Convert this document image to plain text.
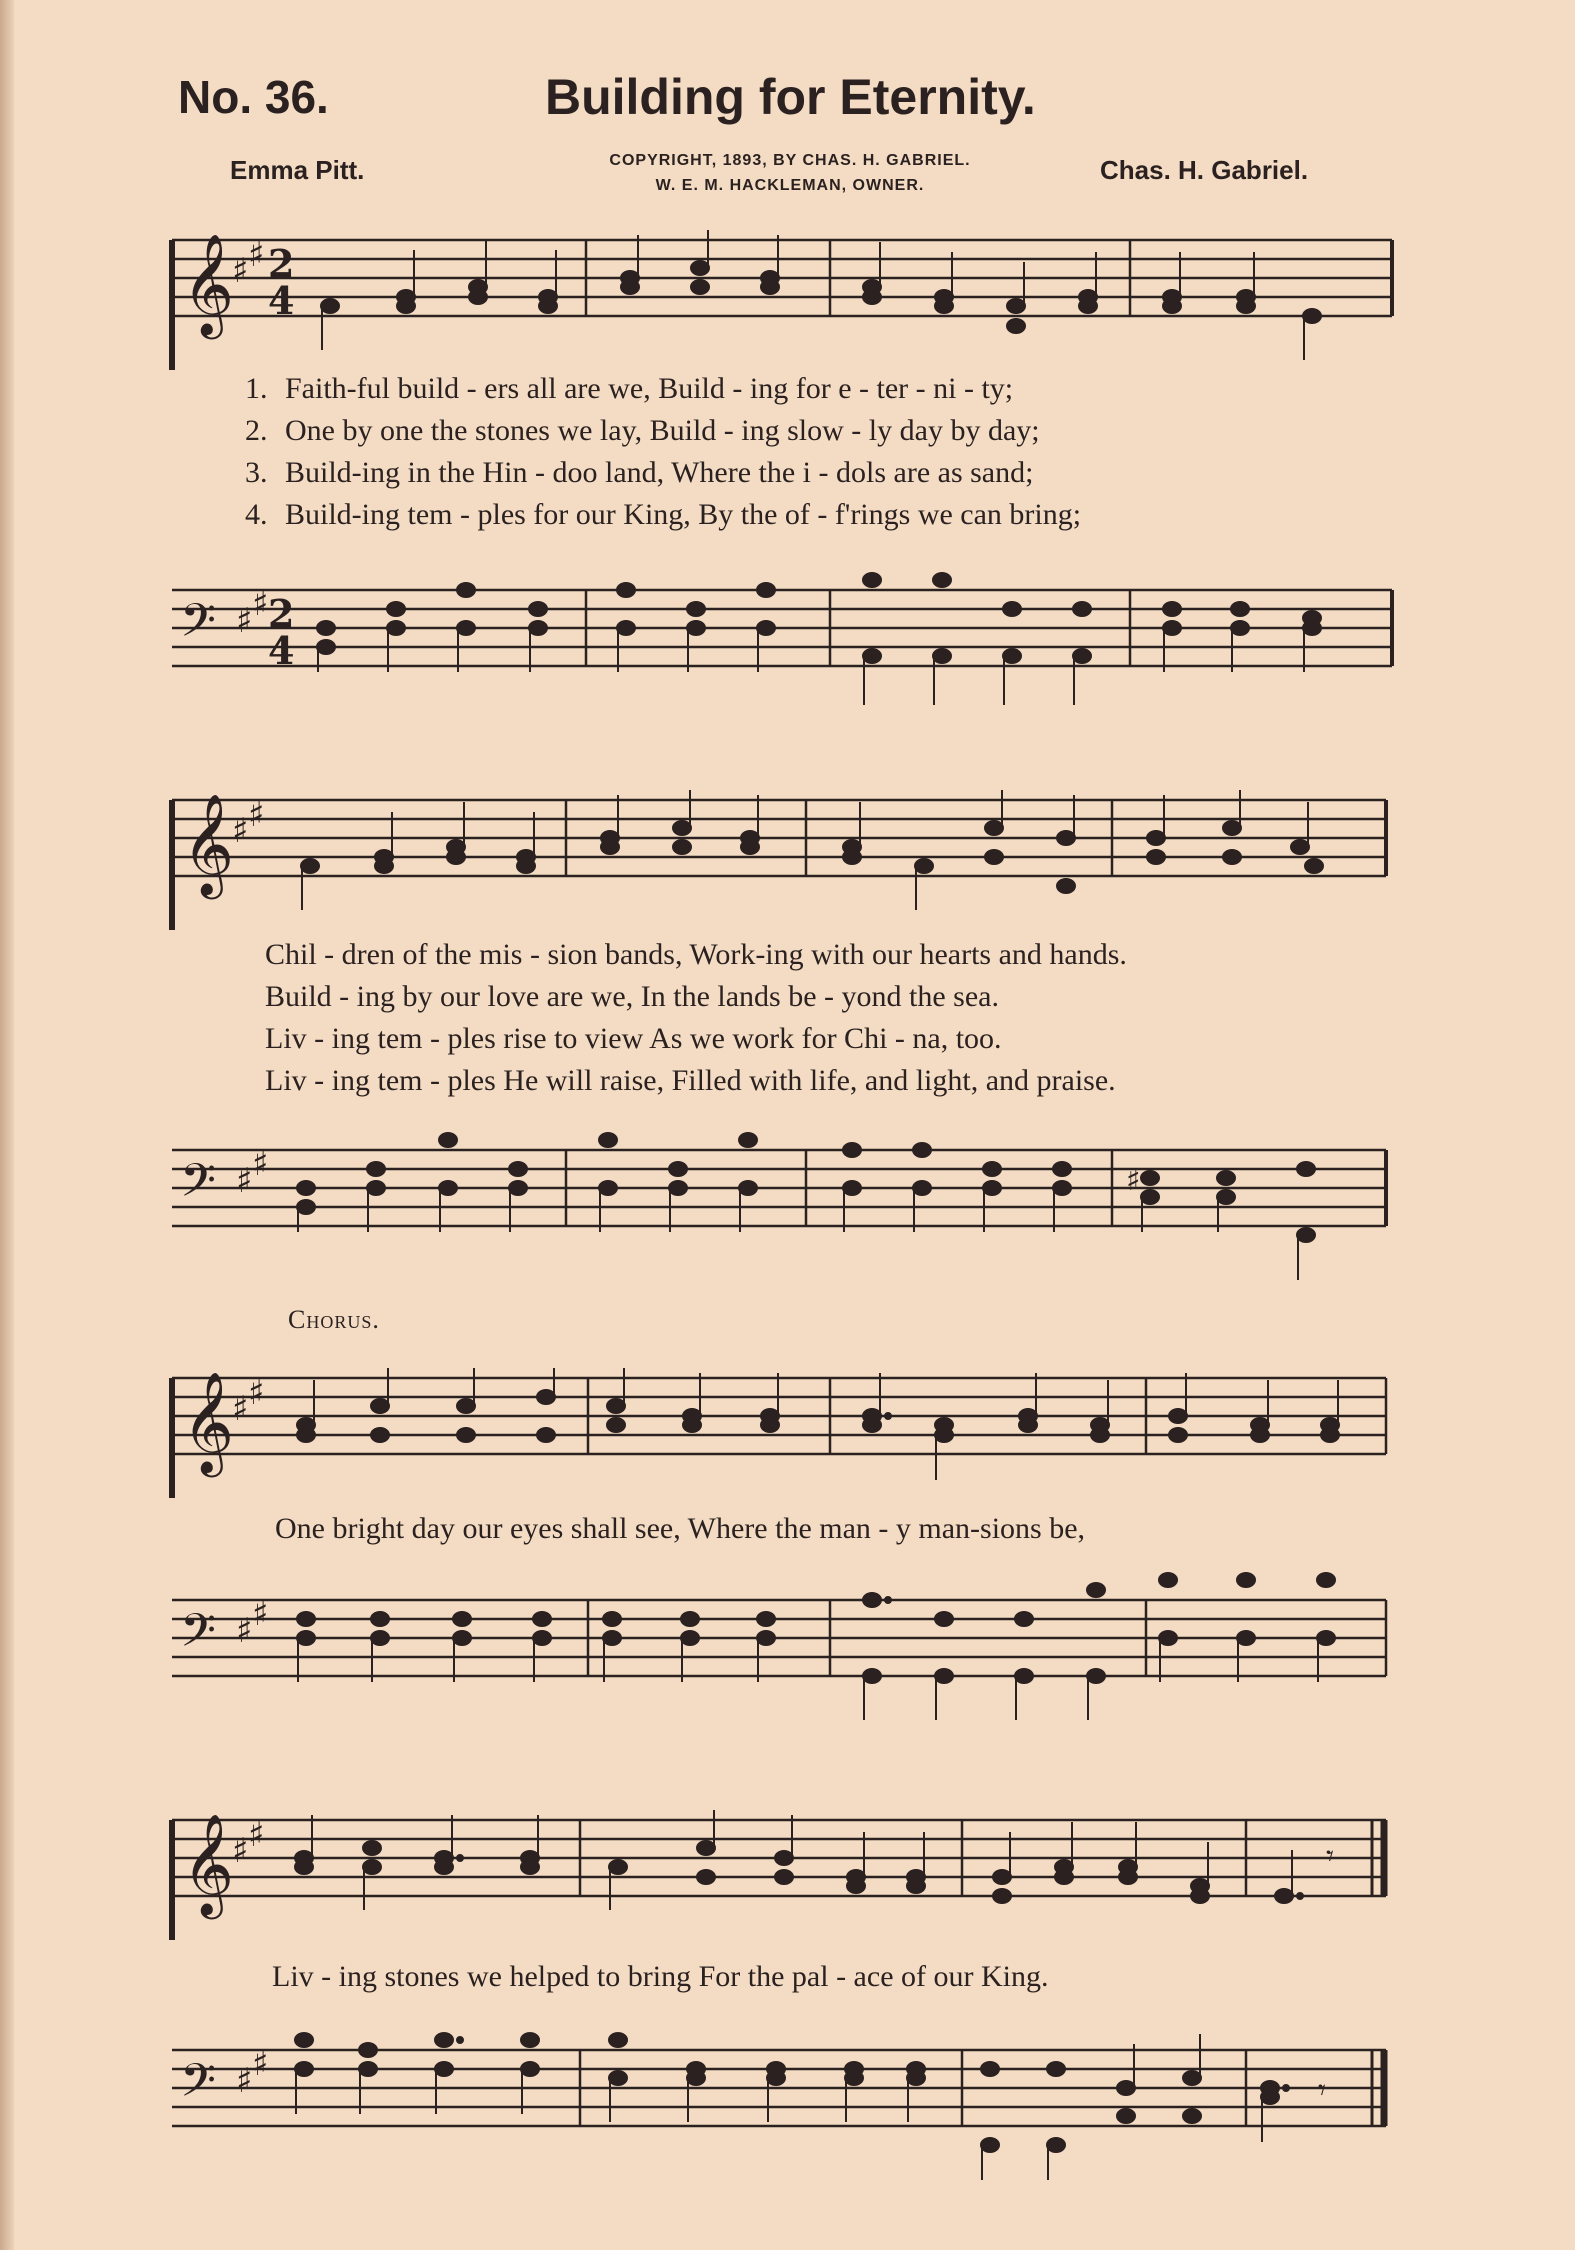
No. 36.	Building for Eternity.
Emma Pitt.	COPYRIGHT, 1893, BY CHAS. H. GABRIEL.
W. E. M. HACKLEMAN, OWNER.
Chas. H. Gabriel.
𝄞 ♯
♯ 2
4
1. Faith-ful build - ers all are we, Build - ing for e - ter - ni - ty;
2. One by one the stones we lay, Build - ing slow - ly day by day;
3. Build-ing in the Hin - doo land, Where the i - dols are as sand;
4. Build-ing tem - ples for our King, By the of - f'rings we can bring;
𝄢 ♯
♯ 2
4
𝄞 ♯
♯
Chil - dren of the mis - sion bands, Work-ing with our hearts and hands.
Build - ing by our love are we, In the lands be - yond the sea.
Liv - ing tem - ples rise to view As we work for Chi - na, too.
Liv - ing tem - ples He will raise, Filled with life, and light, and praise.
𝄢 ♯
♯	♯
Chorus.
𝄞 ♯
♯
One bright day our eyes shall see, Where the man - y man-sions be,
𝄢 ♯
♯
𝄞 ♯
♯	𝄾
Liv - ing stones we helped to bring For the pal - ace of our King.
𝄢 ♯
♯	𝄾
